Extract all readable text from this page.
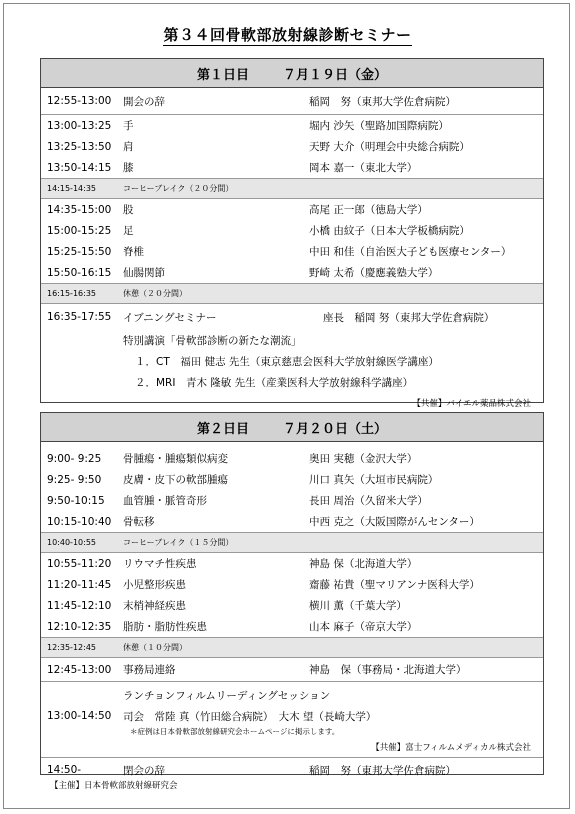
第３４回骨軟部放射線診断セミナー
第１日目	７月１９日（金）
12:55-13:00	開会の辞	稲岡　努（東邦大学佐倉病院）
13:00-13:25	手	堀内 沙矢（聖路加国際病院）
13:25-13:50	肩	天野 大介（明理会中央総合病院）
13:50-14:15	膝	岡本 嘉一（東北大学）
14:15-14:35	コーヒーブレイク（２０分間）
14:35-15:00	股	高尾 正一郎（徳島大学）
15:00-15:25	足	小橋 由紋子（日本大学板橋病院）
15:25-15:50	脊椎	中田 和佳（自治医大子ども医療センター）
15:50-16:15	仙腸関節	野崎 太希（慶應義塾大学）
16:15-16:35	休憩（２０分間）
16:35-17:55	イブニングセミナー	座長　稲岡 努（東邦大学佐倉病院）
特別講演「骨軟部診断の新たな潮流」
１．CT　福田 健志 先生（東京慈恵会医科大学放射線医学講座）
２．MRI　青木 隆敏 先生（産業医科大学放射線科学講座）
【共催】バイエル薬品株式会社
第２日目	７月２０日（土）
9:00- 9:25	骨腫瘍・腫瘍類似病変	奥田 実穂（金沢大学）
9:25- 9:50	皮膚・皮下の軟部腫瘍	川口 真矢（大垣市民病院）
9:50-10:15	血管腫・脈管奇形	長田 周治（久留米大学）
10:15-10:40	骨転移	中西 克之（大阪国際がんセンター）
10:40-10:55	コーヒーブレイク（１５分間）
10:55-11:20	リウマチ性疾患	神島 保（北海道大学）
11:20-11:45	小児整形疾患	齋藤 祐貴（聖マリアンナ医科大学）
11:45-12:10	末梢神経疾患	横川 薫（千葉大学）
12:10-12:35	脂肪・脂肪性疾患	山本 麻子（帝京大学）
12:35-12:45	休憩（１０分間）
12:45-13:00	事務局連絡	神島　保（事務局・北海道大学）
ランチョンフィルムリーディングセッション
13:00-14:50	司会　常陸 真（竹田総合病院）　大木 望（長崎大学）
＊症例は日本骨軟部放射線研究会ホームページに掲示します。
【共催】富士フィルムメディカル株式会社
14:50-	閉会の辞	稲岡　努（東邦大学佐倉病院）
【主催】日本骨軟部放射線研究会
